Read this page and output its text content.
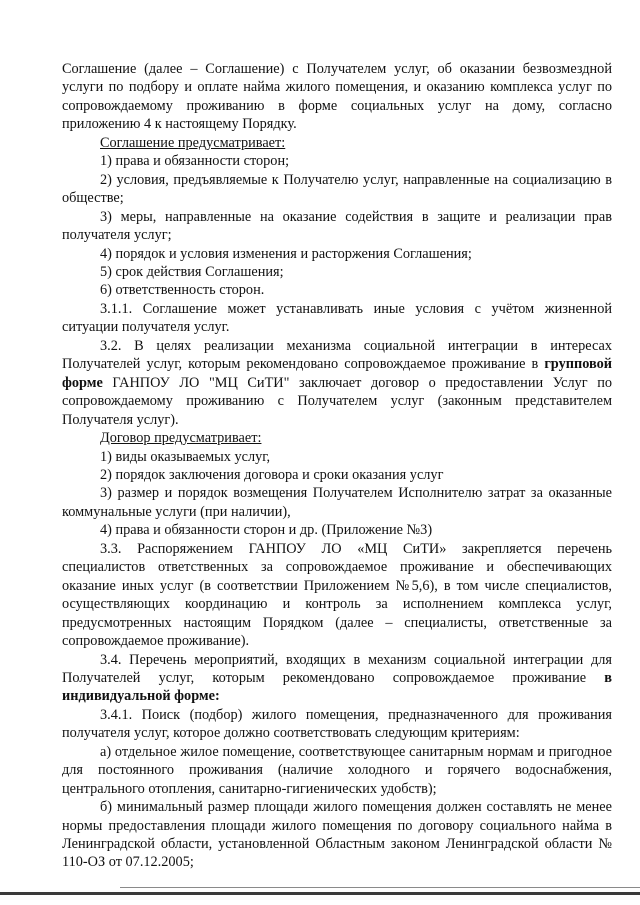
Соглашение (далее – Соглашение) с Получателем услуг, об оказании безвозмездной услуги по подбору и оплате найма жилого помещения, и оказанию комплекса услуг по сопровождаемому проживанию в форме социальных услуг на дому, согласно приложению 4 к настоящему Порядку.

Соглашение предусматривает:

1) права и обязанности сторон;

2) условия, предъявляемые к Получателю услуг, направленные на социализацию в обществе;

3) меры, направленные на оказание содействия в защите и реализации прав получателя услуг;

4) порядок и условия изменения и расторжения Соглашения;

5) срок действия Соглашения;

6) ответственность сторон.

3.1.1. Соглашение может устанавливать иные условия с учётом жизненной ситуации получателя услуг.

3.2. В целях реализации механизма социальной интеграции в интересах Получателей услуг, которым рекомендовано сопровождаемое проживание в групповой форме ГАНПОУ ЛО "МЦ СиТИ" заключает договор о предоставлении Услуг по сопровождаемому проживанию с Получателем услуг (законным представителем Получателя услуг).

Договор предусматривает:

1) виды оказываемых услуг,

2) порядок заключения договора и сроки оказания услуг

3) размер и порядок возмещения Получателем Исполнителю затрат за оказанные коммунальные услуги (при наличии),

4) права и обязанности сторон и др. (Приложение №3)

3.3. Распоряжением ГАНПОУ ЛО «МЦ СиТИ» закрепляется перечень специалистов ответственных за сопровождаемое проживание и обеспечивающих оказание иных услуг (в соответствии Приложением №5,6), в том числе специалистов, осуществляющих координацию и контроль за исполнением комплекса услуг, предусмотренных настоящим Порядком (далее – специалисты, ответственные за сопровождаемое проживание).

3.4. Перечень мероприятий, входящих в механизм социальной интеграции для Получателей услуг, которым рекомендовано сопровождаемое проживание в индивидуальной форме:

3.4.1. Поиск (подбор) жилого помещения, предназначенного для проживания получателя услуг, которое должно соответствовать следующим критериям:

а) отдельное жилое помещение, соответствующее санитарным нормам и пригодное для постоянного проживания (наличие холодного и горячего водоснабжения, центрального отопления, санитарно-гигиенических удобств);

б) минимальный размер площади жилого помещения должен составлять не менее нормы предоставления площади жилого помещения по договору социального найма в Ленинградской области, установленной Областным законом Ленинградской области № 110-ОЗ от 07.12.2005;
